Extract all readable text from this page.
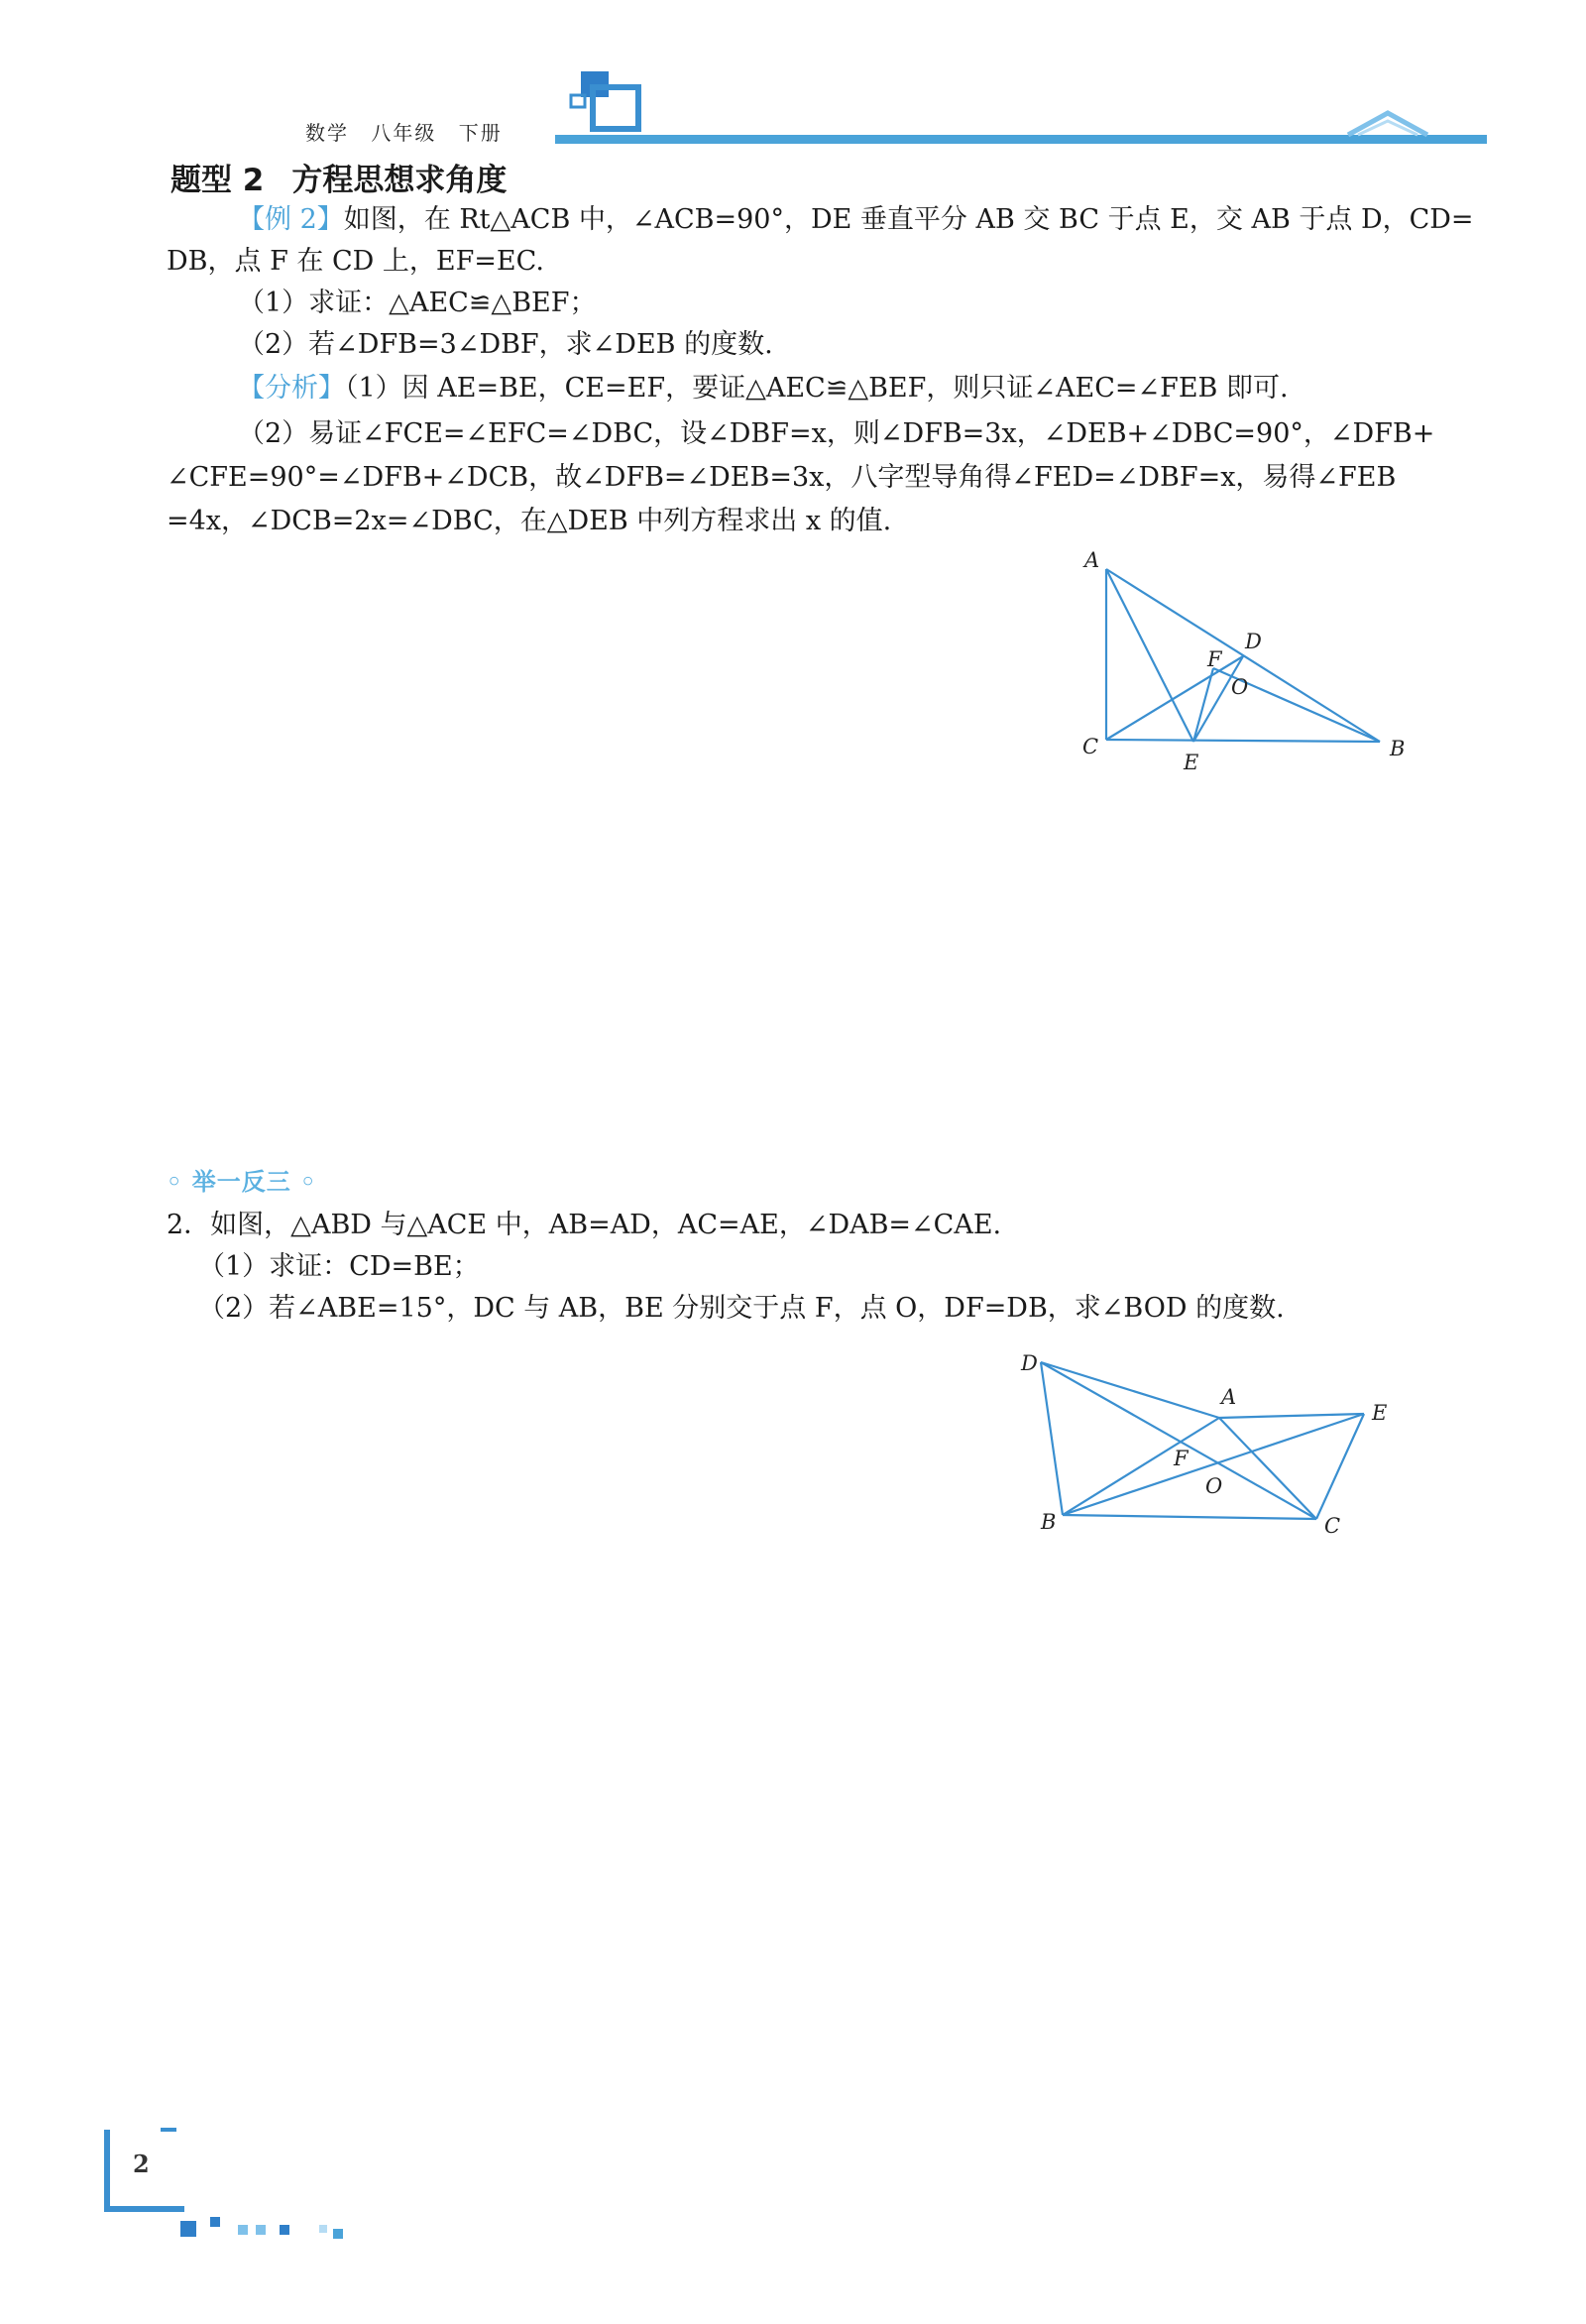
数学 八年级 下册
题型 2 方程思想求角度
【例 2】如图，在 Rt△ACB 中，∠ACB=90°，DE 垂直平分 AB 交 BC 于点 E，交 AB 于点 D，CD=
DB，点 F 在 CD 上，EF=EC.
（1）求证：△AEC≌△BEF；
（2）若∠DFB=3∠DBF，求∠DEB 的度数.
【分析】（1）因 AE=BE，CE=EF，要证△AEC≌△BEF，则只证∠AEC=∠FEB 即可.
（2）易证∠FCE=∠EFC=∠DBC，设∠DBF=x，则∠DFB=3x，∠DEB+∠DBC=90°，∠DFB+
∠CFE=90°=∠DFB+∠DCB，故∠DFB=∠DEB=3x，八字型导角得∠FED=∠DBF=x，易得∠FEB
=4x，∠DCB=2x=∠DBC，在△DEB 中列方程求出 x 的值.
A
D
F
O
C
E
B
◦ 举一反三 ◦
2．如图，△ABD 与△ACE 中，AB=AD，AC=AE，∠DAB=∠CAE.
（1）求证：CD=BE；
（2）若∠ABE=15°，DC 与 AB，BE 分别交于点 F，点 O，DF=DB，求∠BOD 的度数.
D
A
E
F
O
B	C
2
